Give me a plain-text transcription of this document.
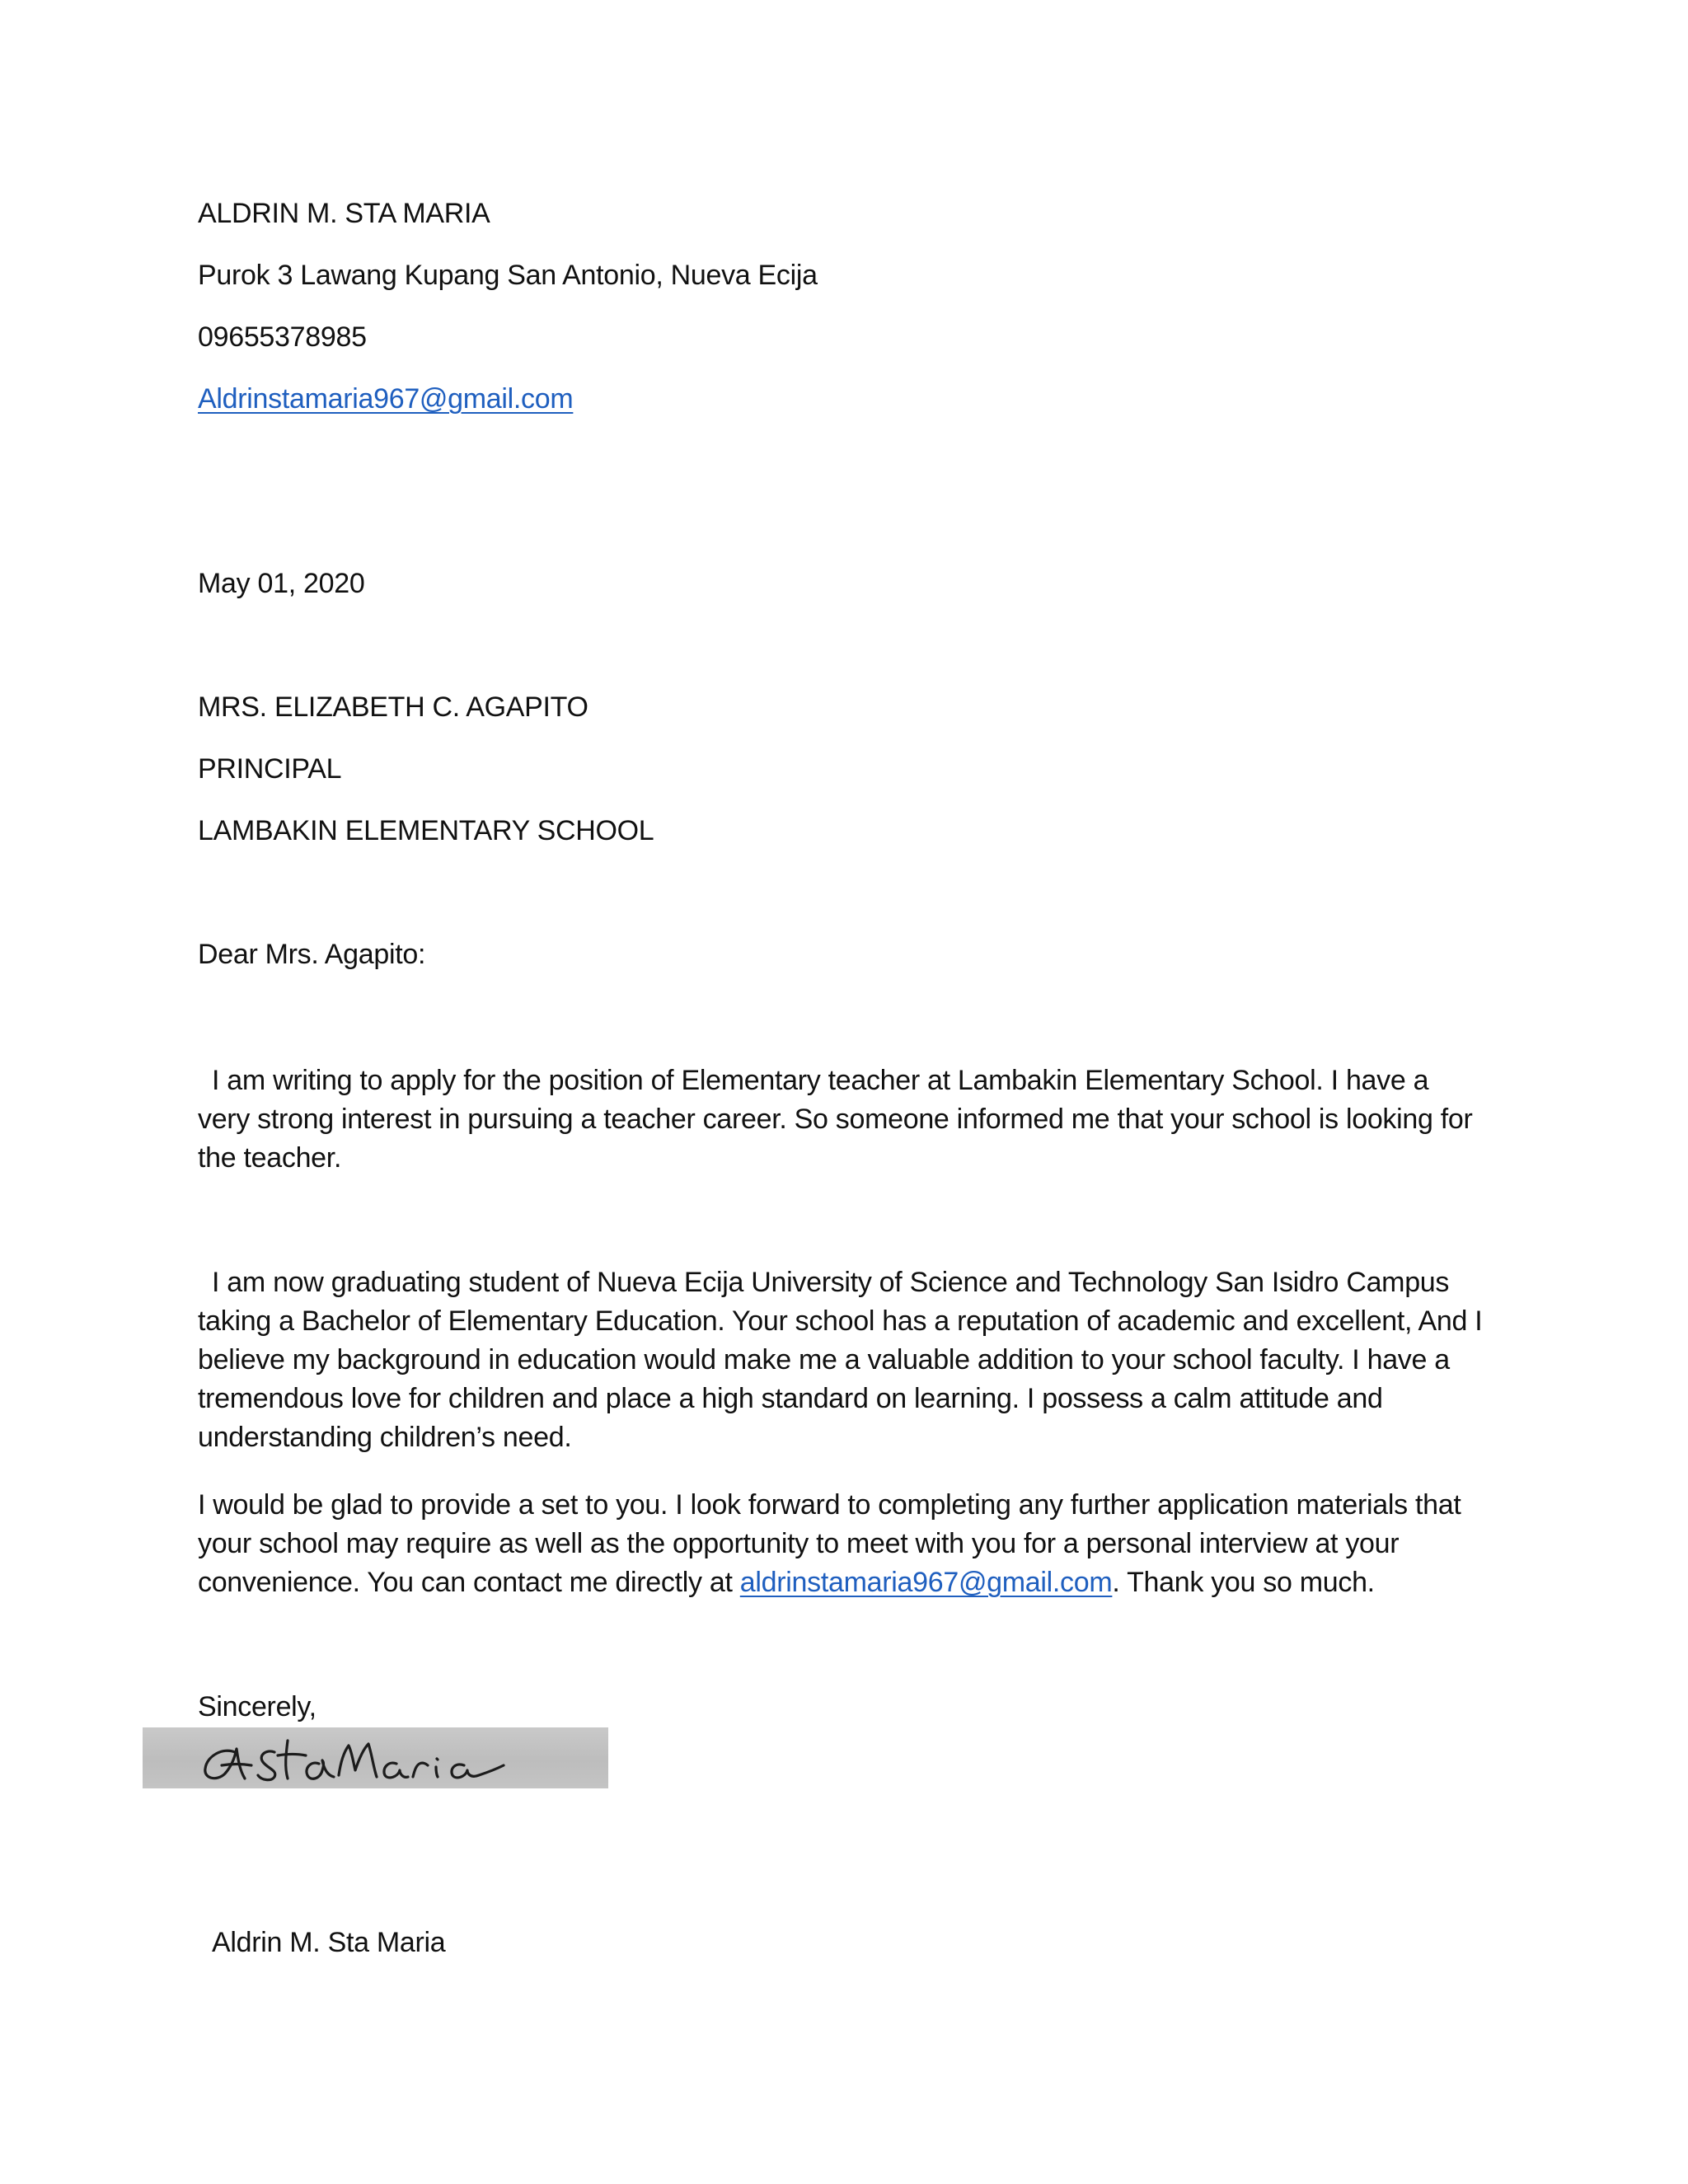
ALDRIN M. STA MARIA
Purok 3 Lawang Kupang San Antonio, Nueva Ecija
09655378985
Aldrinstamaria967@gmail.com
May 01, 2020
MRS. ELIZABETH C. AGAPITO
PRINCIPAL
LAMBAKIN ELEMENTARY SCHOOL
Dear Mrs. Agapito:
I am writing to apply for the position of Elementary teacher at Lambakin Elementary School. I have a very strong interest in pursuing a teacher career. So someone informed me that your school is looking for the teacher.
I am now graduating student of Nueva Ecija University of Science and Technology San Isidro Campus taking a Bachelor of Elementary Education. Your school has a reputation of academic and excellent, And I believe my background in education would make me a valuable addition to your school faculty. I have a tremendous love for children and place a high standard on learning. I possess a calm attitude and understanding children’s need.
I would be glad to provide a set to you. I look forward to completing any further application materials that your school may require as well as the opportunity to meet with you for a personal interview at your convenience. You can contact me directly at aldrinstamaria967@gmail.com. Thank you so much.
Sincerely,
Aldrin M. Sta Maria
